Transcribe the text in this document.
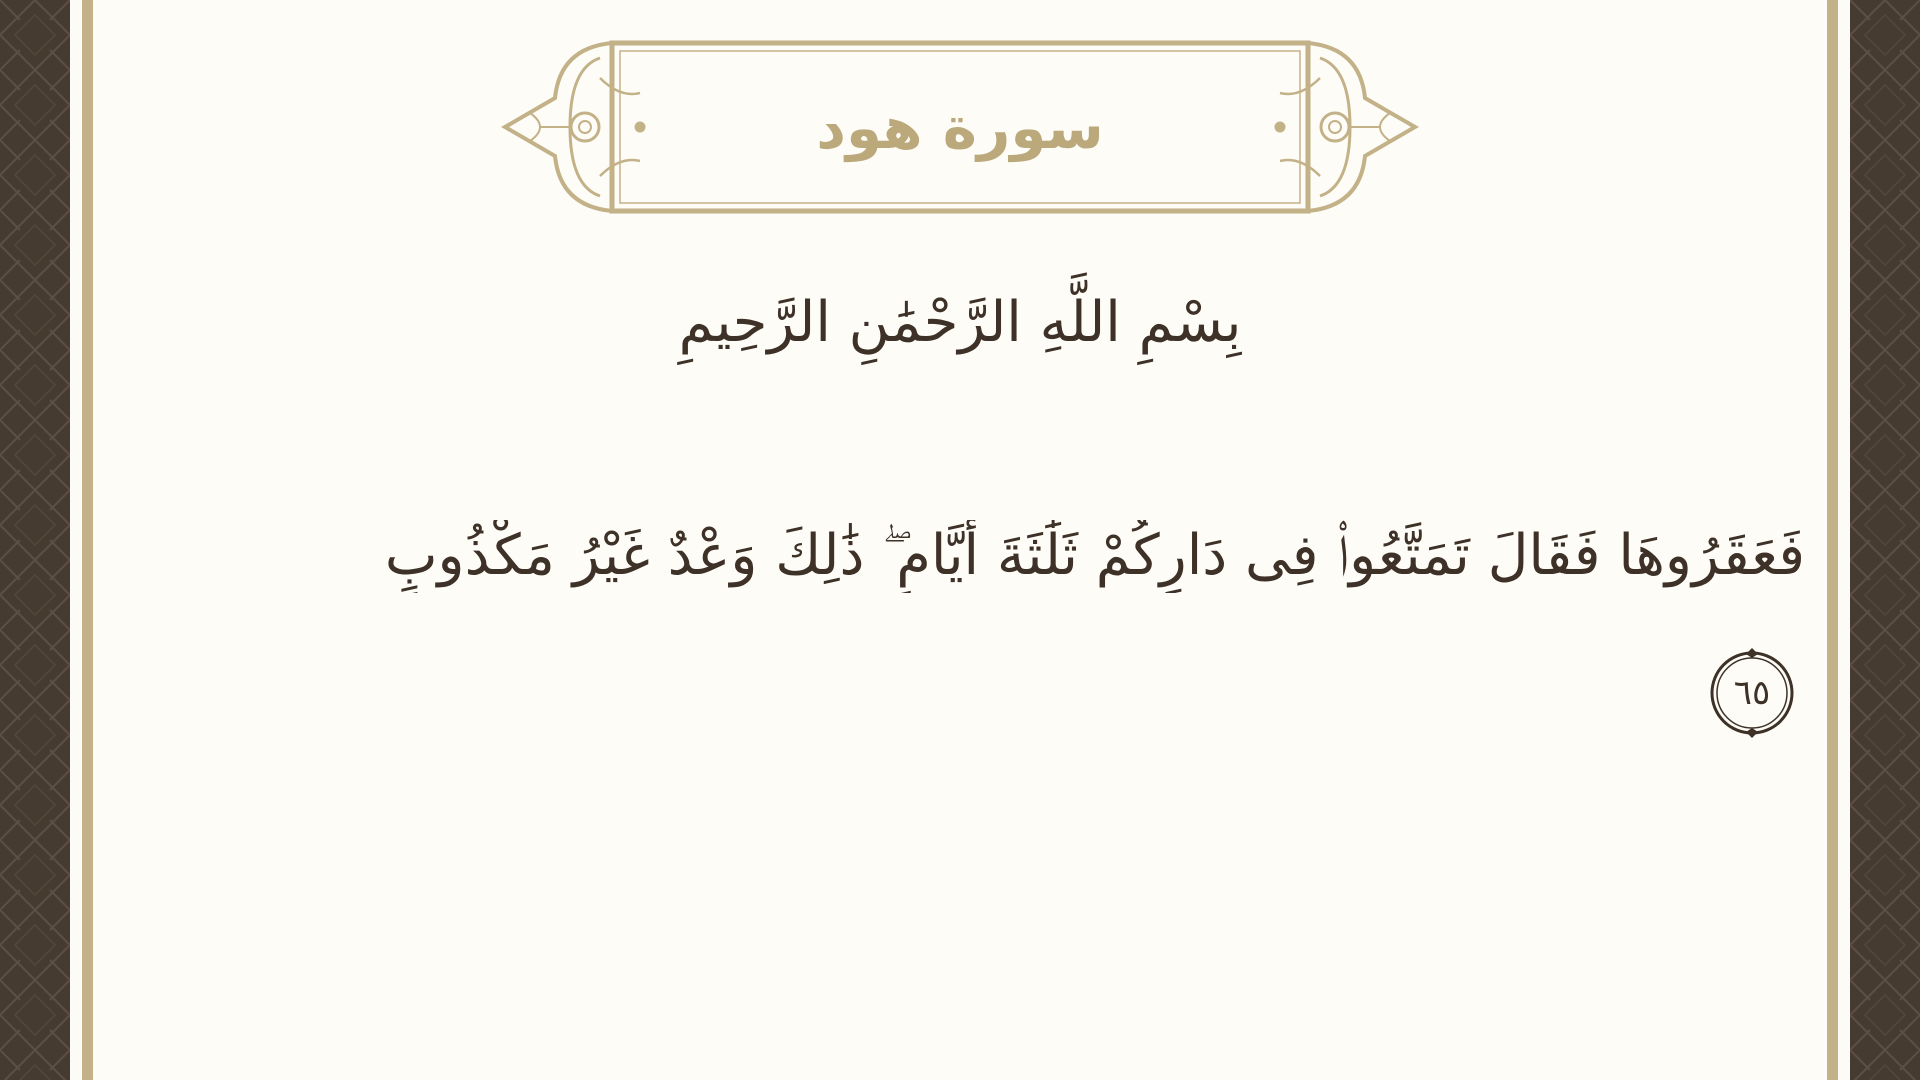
سورة هود
بِسْمِ اللَّهِ الرَّحْمَٰنِ الرَّحِيمِ
فَعَقَرُوهَا فَقَالَ تَمَتَّعُوا۟ فِى دَارِكُمْ ثَلَٰثَةَ أَيَّامٍ ۖ ذَٰلِكَ وَعْدٌ غَيْرُ مَكْذُوبٍ
٦٥
